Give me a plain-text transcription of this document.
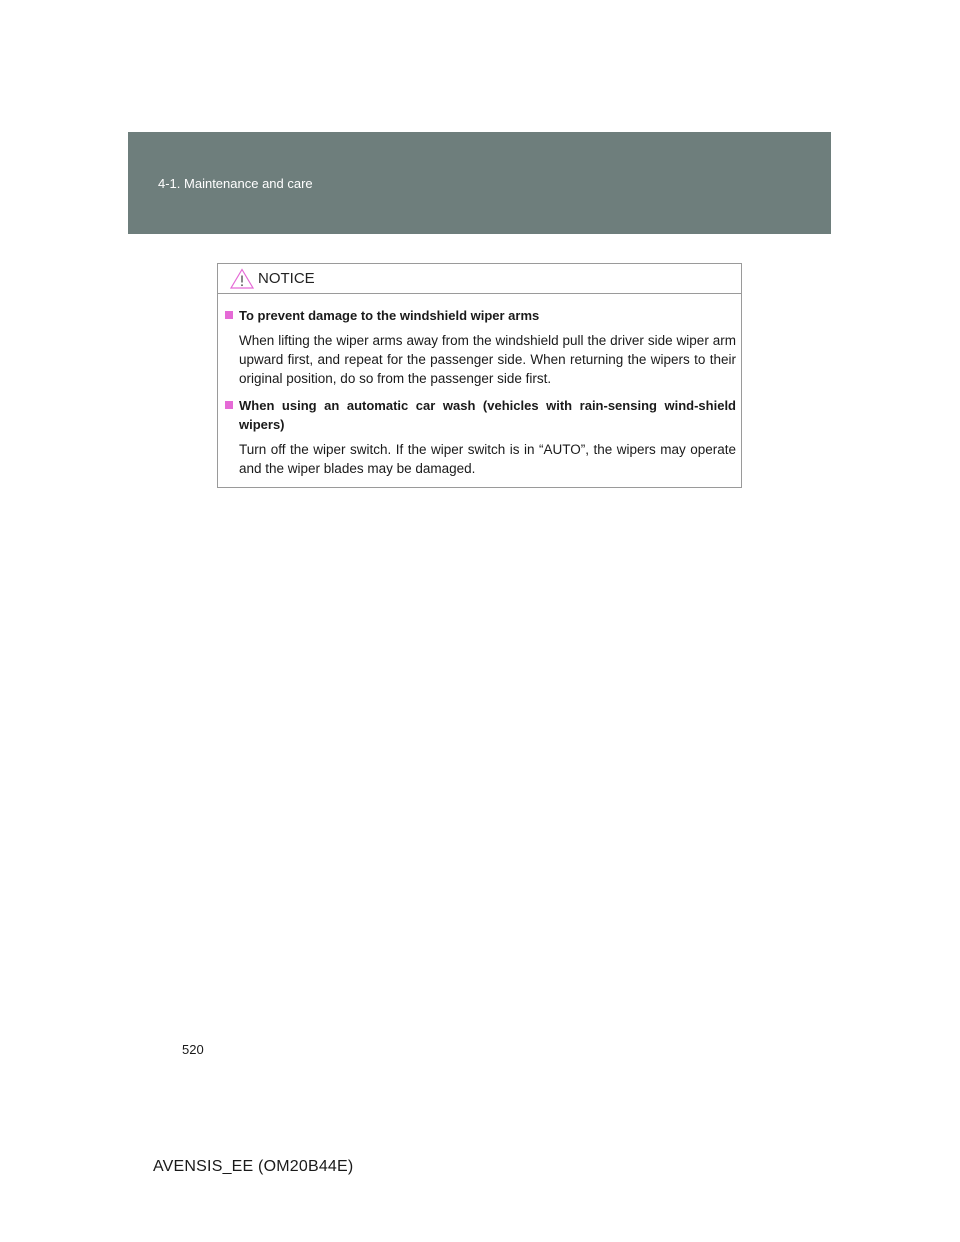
4-1. Maintenance and care
NOTICE
To prevent damage to the windshield wiper arms
When lifting the wiper arms away from the windshield pull the driver side wiper arm upward first, and repeat for the passenger side. When returning the wipers to their original position, do so from the passenger side first.
When using an automatic car wash (vehicles with rain-sensing wind-shield wipers)
Turn off the wiper switch. If the wiper switch is in “AUTO”, the wipers may operate and the wiper blades may be damaged.
520
AVENSIS_EE (OM20B44E)
